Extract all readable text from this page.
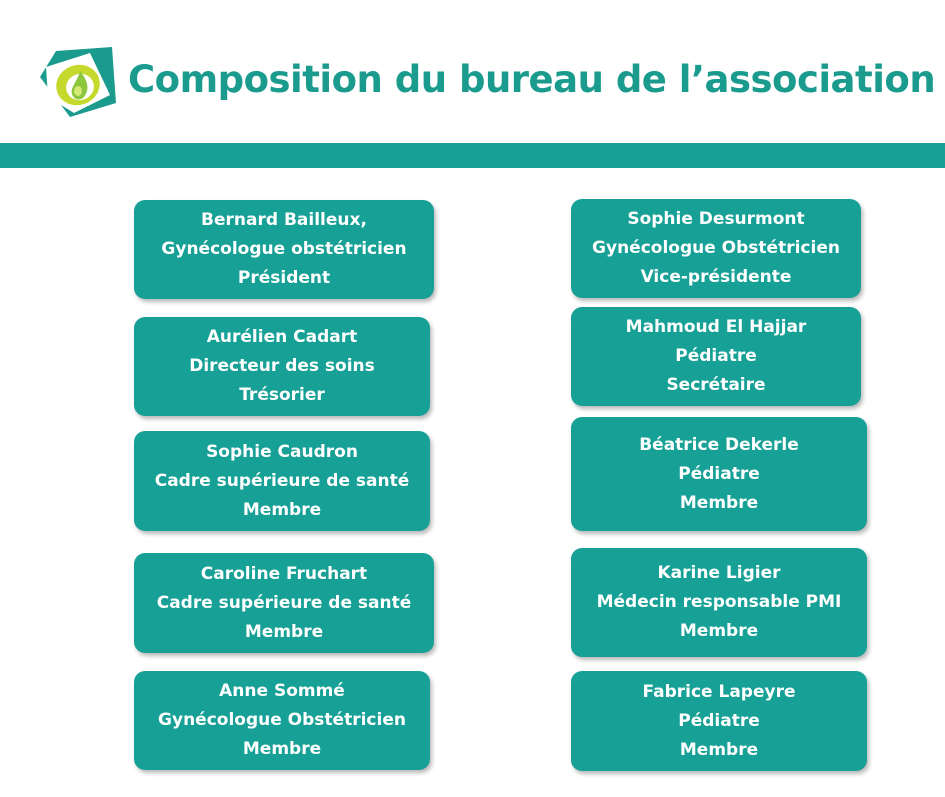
Composition du bureau de l’association
Bernard Bailleux,
Gynécologue obstétricien
Président
Aurélien Cadart
Directeur des soins
Trésorier
Sophie Caudron
Cadre supérieure de santé
Membre
Caroline Fruchart
Cadre supérieure de santé
Membre
Anne Sommé
Gynécologue Obstétricien
Membre
Sophie Desurmont
Gynécologue Obstétricien
Vice-présidente
Mahmoud El Hajjar
Pédiatre
Secrétaire
Béatrice Dekerle
Pédiatre
Membre
Karine Ligier
Médecin responsable PMI
Membre
Fabrice Lapeyre
Pédiatre
Membre
